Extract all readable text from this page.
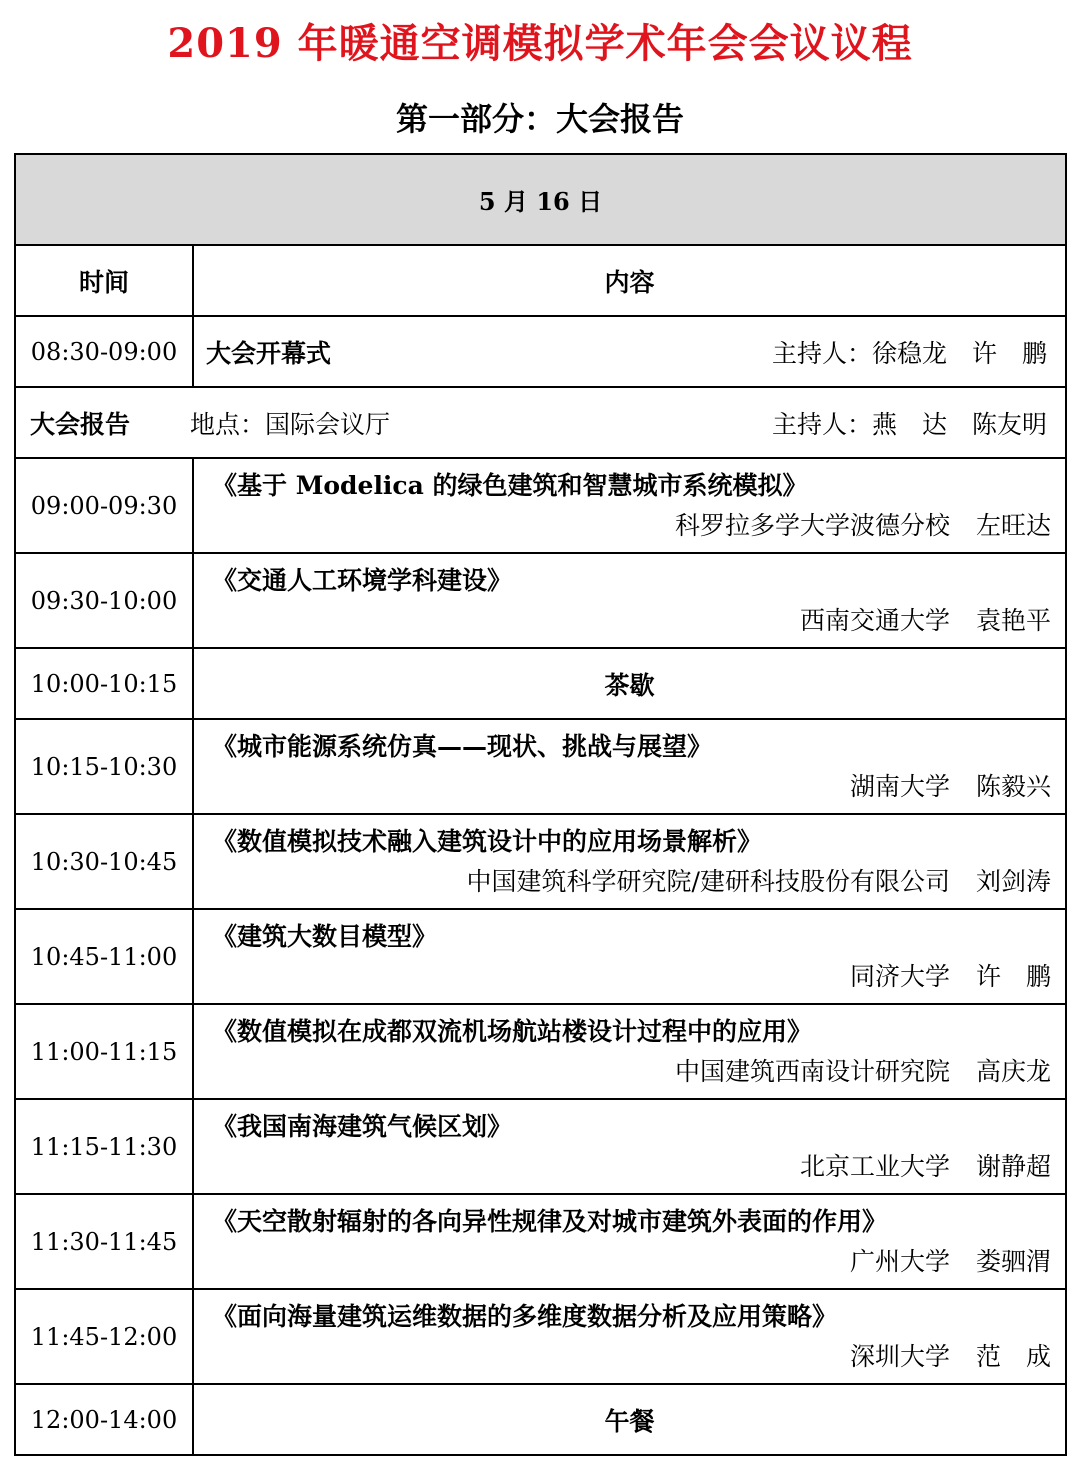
2019 年暖通空调模拟学术年会会议议程
第一部分：大会报告
5 月 16 日	
时间	内容
08:30-09:00	大会开幕式 主持人：徐稳龙　许　鹏

大会报告 地点：国际会议厅 主持人：燕　达　陈友明	

09:00-09:30	《基于 Modelica 的绿色建筑和智慧城市系统模拟》
科罗拉多学大学波德分校 左旺达

09:30-10:00	《交通人工环境学科建设》
西南交通大学 袁艳平

10:00-10:15	茶歇
10:15-10:30	《城市能源系统仿真——现状、挑战与展望》
湖南大学 陈毅兴

10:30-10:45	《数值模拟技术融入建筑设计中的应用场景解析》
中国建筑科学研究院/建研科技股份有限公司 刘剑涛

10:45-11:00	《建筑大数目模型》
同济大学 许　鹏

11:00-11:15	《数值模拟在成都双流机场航站楼设计过程中的应用》
中国建筑西南设计研究院 高庆龙

11:15-11:30	《我国南海建筑气候区划》
北京工业大学 谢静超

11:30-11:45	《天空散射辐射的各向异性规律及对城市建筑外表面的作用》
广州大学 娄驷渭

11:45-12:00	《面向海量建筑运维数据的多维度数据分析及应用策略》
深圳大学 范　成

12:00-14:00	午餐
